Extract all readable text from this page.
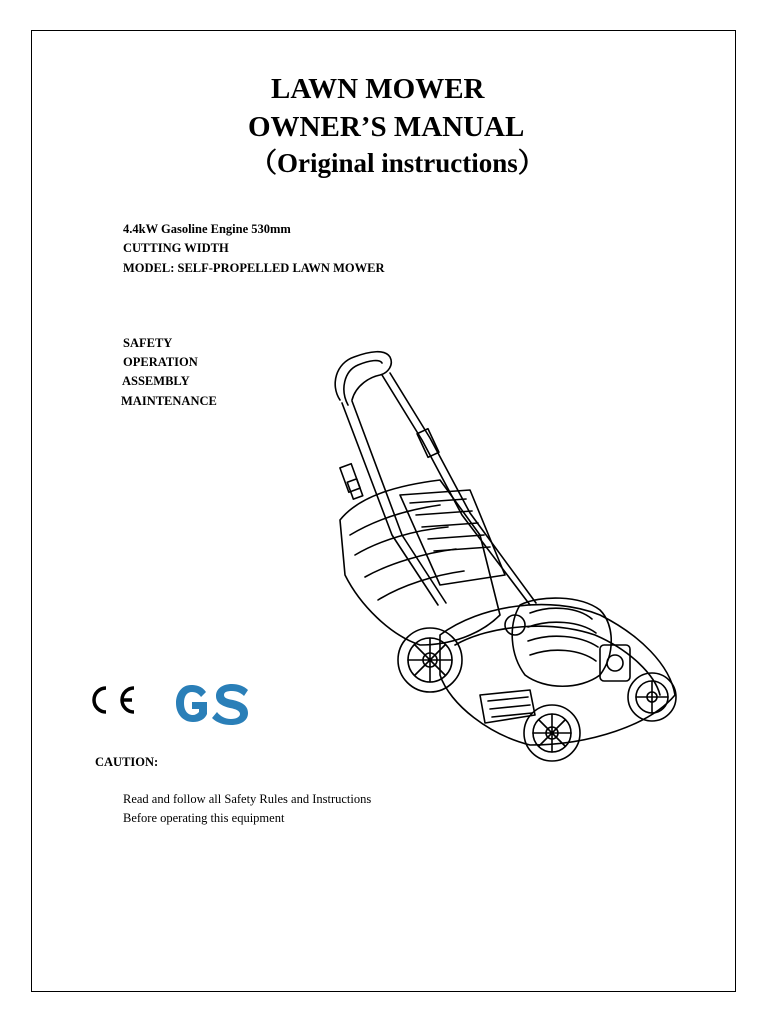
LAWN MOWER
OWNER’S MANUAL
（Original instructions）
4.4kW Gasoline Engine 530mm
CUTTING WIDTH
MODEL: SELF-PROPELLED LAWN MOWER
SAFETY
OPERATION
ASSEMBLY
MAINTENANCE
CAUTION:
Read and follow all Safety Rules and Instructions
Before operating this equipment
